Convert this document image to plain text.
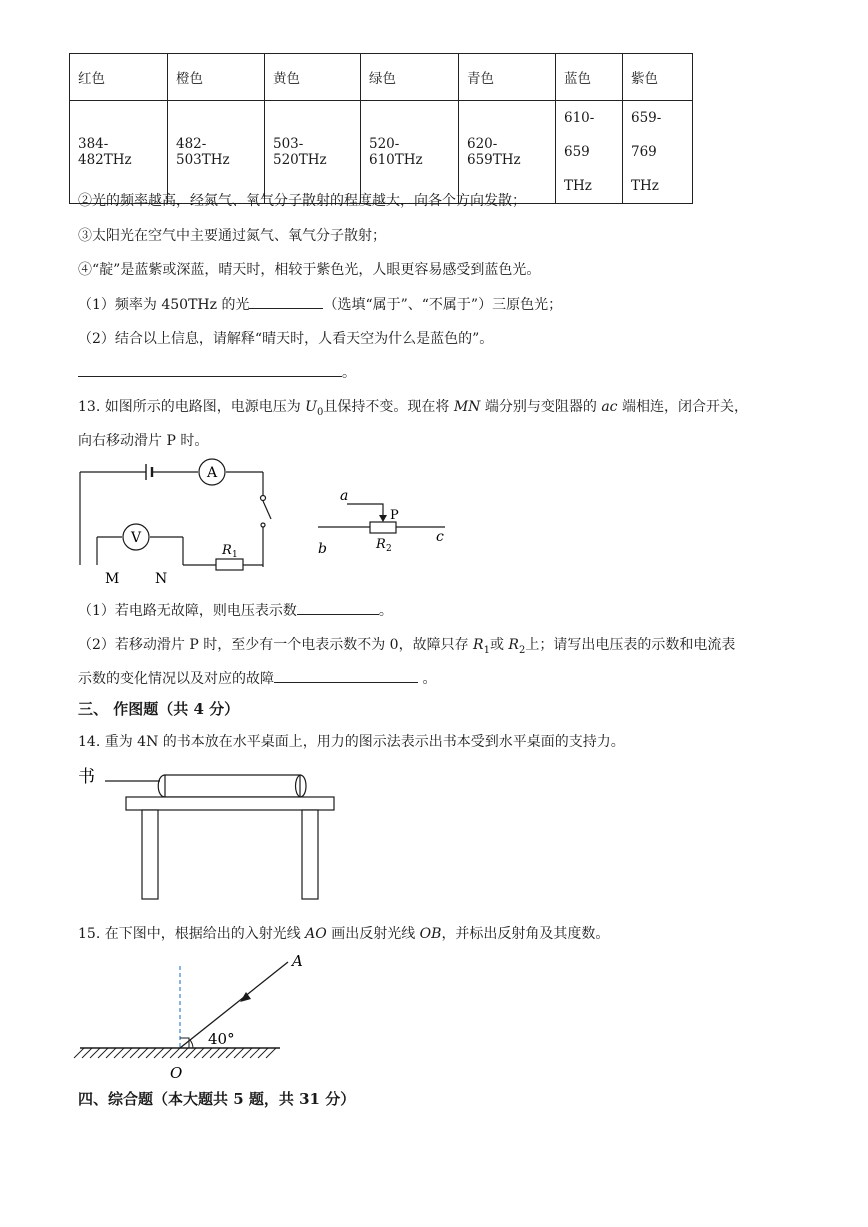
红色	橙色	黄色	绿色	青色	蓝色	紫色
384-482THz	482-503THz	503-520THz	520-610THz	620-659THz	610-659 THz	659-769 THz
②光的频率越高，经氮气、氧气分子散射的程度越大，向各个方向发散；
③太阳光在空气中主要通过氮气、氧气分子散射；
④“靛”是蓝紫或深蓝，晴天时，相较于紫色光，人眼更容易感受到蓝色光。
（1）频率为 450THz 的光	（选填“属于”、“不属于”）三原色光；
（2）结合以上信息，请解释“晴天时，人看天空为什么是蓝色的”。
。
13. 如图所示的电路图，电源电压为 $U_0$且保持不变。现在将 MN 端分别与变阻器的 ac 端相连，闭合开关，
向右移动滑片 P 时。
A
V
R 1
M	N
a
P
b
c
R 2
（1）若电路无故障，则电压表示数	。
（2）若移动滑片 P 时，至少有一个电表示数不为 0，故障只存 $R_1$或 $R_2$上；请写出电压表的示数和电流表
示数的变化情况以及对应的故障	。
三、 作图题（共 4 分）
14. 重为 4N 的书本放在水平桌面上，用力的图示法表示出书本受到水平桌面的支持力。
书
15. 在下图中，根据给出的入射光线 AO 画出反射光线 OB，并标出反射角及其度数。
40°
A
O
四、综合题（本大题共 5 题，共 31 分）
